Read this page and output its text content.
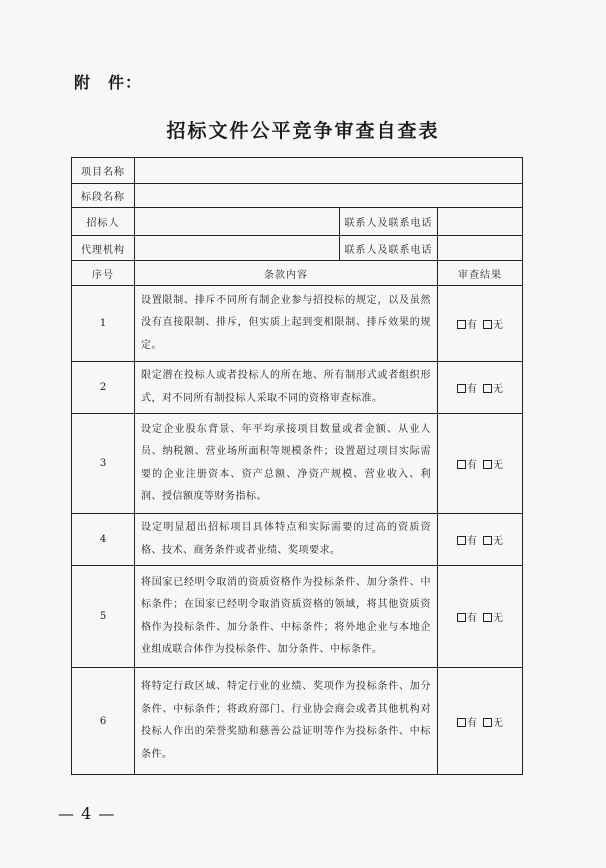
附　件：
招标文件公平竞争审查自查表
项目名称			
标段名称			
招标人		联系人及联系电话	
代理机构		联系人及联系电话	
序号	条款内容		审查结果
1	设置限制、排斥不同所有制企业参与招投标的规定，以及虽然没有直接限制、排斥，但实质上起到变相限制、排斥效果的规定。		有 无
2	限定潜在投标人或者投标人的所在地、所有制形式或者组织形式，对不同所有制投标人采取不同的资格审查标准。		有 无
3	设定企业股东背景、年平均承接项目数量或者金额、从业人员、纳税额、营业场所面积等规模条件；设置超过项目实际需要的企业注册资本、资产总额、净资产规模、营业收入、利润、授信额度等财务指标。		有 无
4	设定明显超出招标项目具体特点和实际需要的过高的资质资格、技术、商务条件或者业绩、奖项要求。		有 无
5	将国家已经明令取消的资质资格作为投标条件、加分条件、中标条件；在国家已经明令取消资质资格的领域，将其他资质资格作为投标条件、加分条件、中标条件；将外地企业与本地企业组成联合体作为投标条件、加分条件、中标条件。		有 无
6	将特定行政区域、特定行业的业绩、奖项作为投标条件、加分条件、中标条件；将政府部门、行业协会商会或者其他机构对投标人作出的荣誉奖励和慈善公益证明等作为投标条件、中标条件。		有 无
— 4 —
